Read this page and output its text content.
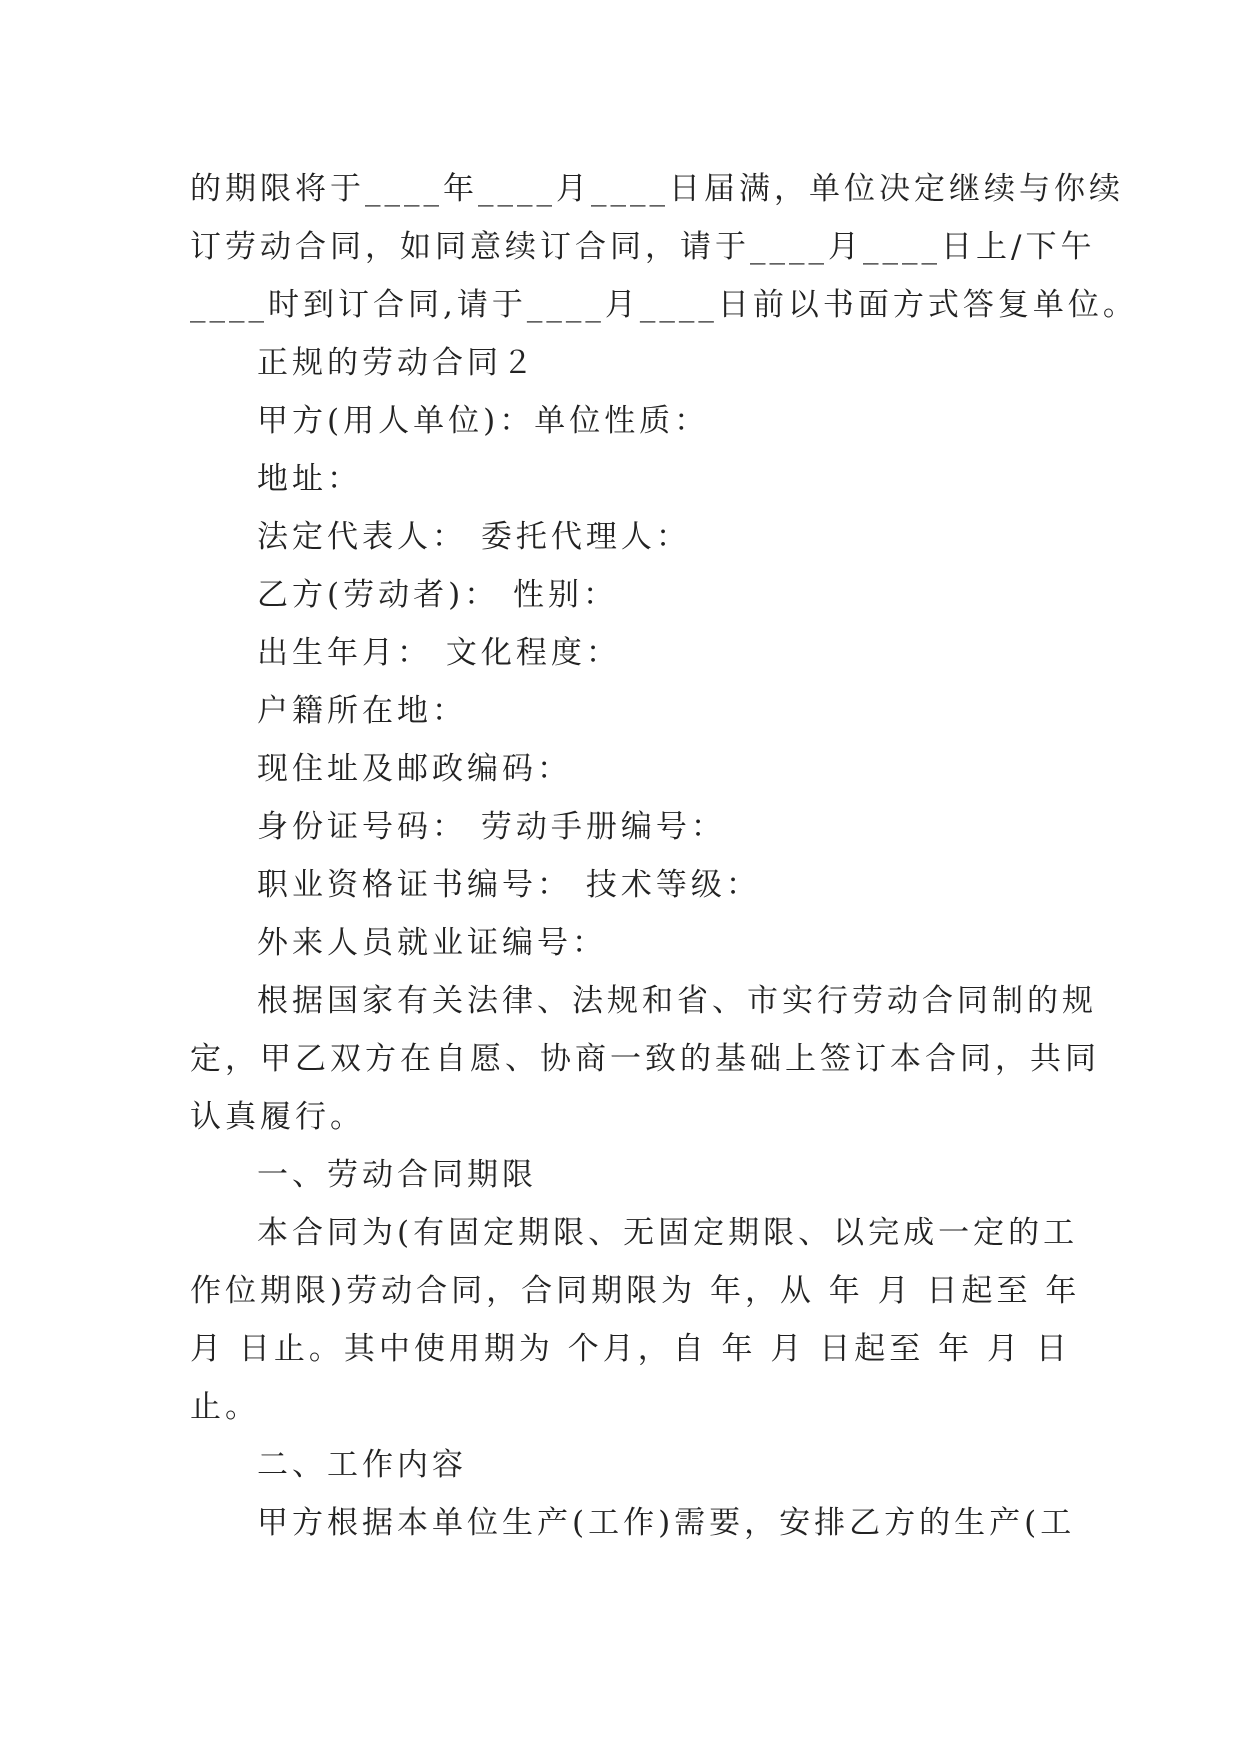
的期限将于____年____月____日届满，单位决定继续与你续
订劳动合同，如同意续订合同，请于____月____日上/下午
____时到订合同,请于____月____日前以书面方式答复单位。
正规的劳动合同２
甲方(用人单位)：单位性质：
地址：
法定代表人： 委托代理人：
乙方(劳动者)： 性别：
出生年月： 文化程度：
户籍所在地：
现住址及邮政编码：
身份证号码： 劳动手册编号：
职业资格证书编号： 技术等级：
外来人员就业证编号：
根据国家有关法律、法规和省、市实行劳动合同制的规
定，甲乙双方在自愿、协商一致的基础上签订本合同，共同
认真履行。
一、劳动合同期限
本合同为(有固定期限、无固定期限、以完成一定的工
作位期限)劳动合同，合同期限为 年，从 年 月 日起至 年
月 日止。其中使用期为 个月，自 年 月 日起至 年 月 日
止。
二、工作内容
甲方根据本单位生产(工作)需要，安排乙方的生产(工
